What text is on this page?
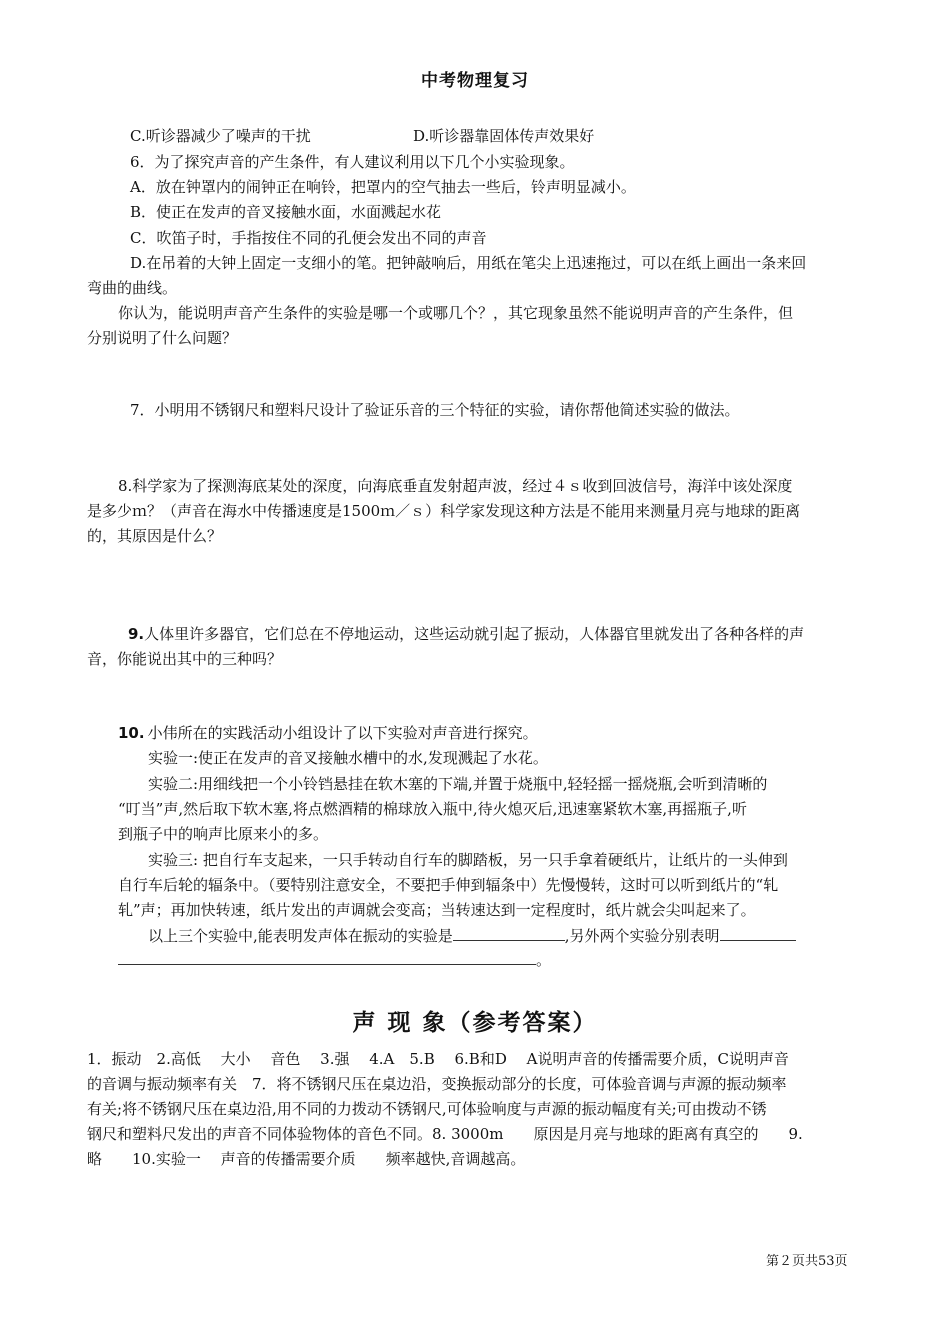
中考物理复习
C.听诊器减少了噪声的干扰	D.听诊器靠固体传声效果好
6．为了探究声音的产生条件，有人建议利用以下几个小实验现象。
A．放在钟罩内的闹钟正在响铃，把罩内的空气抽去一些后，铃声明显减小。
B．使正在发声的音叉接触水面，水面溅起水花
C．吹笛子时，手指按住不同的孔便会发出不同的声音
D.在吊着的大钟上固定一支细小的笔。把钟敲响后，用纸在笔尖上迅速拖过，可以在纸上画出一条来回
弯曲的曲线。
你认为，能说明声音产生条件的实验是哪一个或哪几个？，其它现象虽然不能说明声音的产生条件，但
分别说明了什么问题？
7．小明用不锈钢尺和塑料尺设计了验证乐音的三个特征的实验，请你帮他简述实验的做法。
8.科学家为了探测海底某处的深度，向海底垂直发射超声波，经过４ｓ收到回波信号，海洋中该处深度
是多少ｍ？（声音在海水中传播速度是1500ｍ／ｓ）科学家发现这种方法是不能用来测量月亮与地球的距离
的，其原因是什么？
9.人体里许多器官，它们总在不停地运动，这些运动就引起了振动，人体器官里就发出了各种各样的声
音，你能说出其中的三种吗？
10.  小伟所在的实践活动小组设计了以下实验对声音进行探究。
实验一:使正在发声的音叉接触水槽中的水,发现溅起了水花。
实验二:用细线把一个小铃铛悬挂在软木塞的下端,并置于烧瓶中,轻轻摇一摇烧瓶,会听到清晰的
“叮当”声,然后取下软木塞,将点燃酒精的棉球放入瓶中,待火熄灭后,迅速塞紧软木塞,再摇瓶子,听
到瓶子中的响声比原来小的多。
实验三: 把自行车支起来，一只手转动自行车的脚踏板，另一只手拿着硬纸片，让纸片的一头伸到
自行车后轮的辐条中。（要特别注意安全，不要把手伸到辐条中）先慢慢转，这时可以听到纸片的“轧
轧”声；再加快转速，纸片发出的声调就会变高；当转速达到一定程度时，纸片就会尖叫起来了。
以上三个实验中,能表明发声体在振动的实验是	,另外两个实验分别表明
。
声 现 象（参考答案）
1．振动　2.高低　 大小　 音色　 3.强　 4.A　5.B　 6.B和D　 A说明声音的传播需要介质，C说明声音
的音调与振动频率有关　7．将不锈钢尺压在桌边沿，变换振动部分的长度，可体验音调与声源的振动频率
有关;将不锈钢尺压在桌边沿,用不同的力拨动不锈钢尺,可体验响度与声源的振动幅度有关;可由拨动不锈
钢尺和塑料尺发出的声音不同体验物体的音色不同。8. 3000m　　原因是月亮与地球的距离有真空的　　9.
略　　10.实验一　 声音的传播需要介质　　频率越快,音调越高。
第２页共53页
